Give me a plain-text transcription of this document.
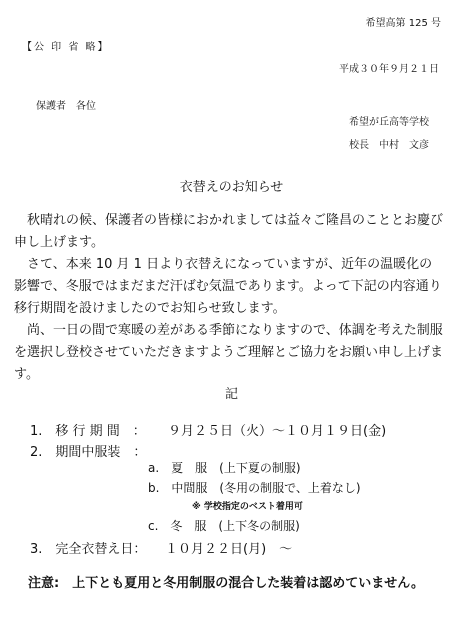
希望高第 125 号
【公 印 省 略】
平成３０年９月２１日
保護者　各位
希望が丘高等学校
校長　中村　文彦
衣替えのお知らせ
秋晴れの候、保護者の皆様におかれましては益々ご隆昌のこととお慶び申し上げます。
さて、本来 10 月 1 日より衣替えになっていますが、近年の温暖化の影響で、冬服ではまだまだ汗ばむ気温であります。よって下記の内容通り移行期間を設けましたのでお知らせ致します。
尚、一日の間で寒暖の差がある季節になりますので、体調を考えた制服を選択し登校させていただきますようご理解とご協力をお願い申し上げます。
記
1.　移 行 期 間　： ９月２５日（火）～１０月１９日(金)
2.　期間中服装　：
a.　夏　服　(上下夏の制服)
b.　中間服　(冬用の制服で、上着なし)
※ 学校指定のベスト着用可
c.　冬　服　(上下冬の制服)
3.　完全衣替え日： １０月２２日(月)　～
注意:　上下とも夏用と冬用制服の混合した装着は認めていません。
